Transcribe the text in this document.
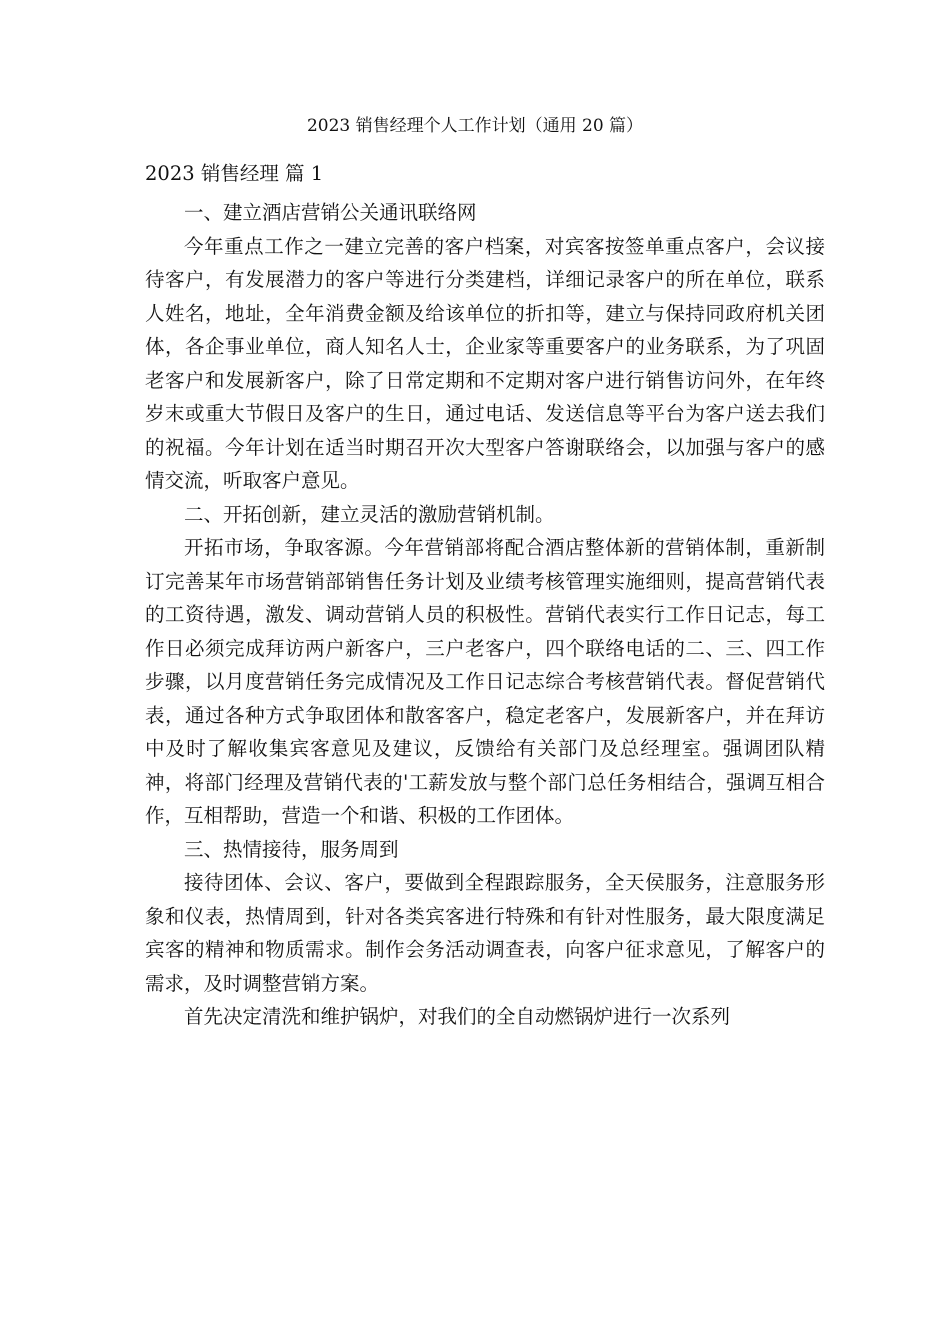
2023 销售经理个人工作计划（通用 20 篇）
2023 销售经理 篇 1

一、建立酒店营销公关通讯联络网

今年重点工作之一建立完善的客户档案，对宾客按签单重点客户，会议接待客户，有发展潜力的客户等进行分类建档，详细记录客户的所在单位，联系人姓名，地址，全年消费金额及给该单位的折扣等，建立与保持同政府机关团体，各企事业单位，商人知名人士，企业家等重要客户的业务联系，为了巩固老客户和发展新客户，除了日常定期和不定期对客户进行销售访问外，在年终岁末或重大节假日及客户的生日，通过电话、发送信息等平台为客户送去我们的祝福。今年计划在适当时期召开次大型客户答谢联络会，以加强与客户的感情交流，听取客户意见。

二、开拓创新，建立灵活的激励营销机制。

开拓市场，争取客源。今年营销部将配合酒店整体新的营销体制，重新制订完善某年市场营销部销售任务计划及业绩考核管理实施细则，提高营销代表的工资待遇，激发、调动营销人员的积极性。营销代表实行工作日记志，每工作日必须完成拜访两户新客户，三户老客户，四个联络电话的二、三、四工作步骤，以月度营销任务完成情况及工作日记志综合考核营销代表。督促营销代表，通过各种方式争取团体和散客客户，稳定老客户，发展新客户，并在拜访中及时了解收集宾客意见及建议，反馈给有关部门及总经理室。强调团队精神，将部门经理及营销代表的'工薪发放与整个部门总任务相结合，强调互相合作，互相帮助，营造一个和谐、积极的工作团体。

三、热情接待，服务周到

接待团体、会议、客户，要做到全程跟踪服务，全天侯服务，注意服务形象和仪表，热情周到，针对各类宾客进行特殊和有针对性服务，最大限度满足宾客的精神和物质需求。制作会务活动调查表，向客户征求意见，了解客户的需求，及时调整营销方案。

首先决定清洗和维护锅炉，对我们的全自动燃锅炉进行一次系列
